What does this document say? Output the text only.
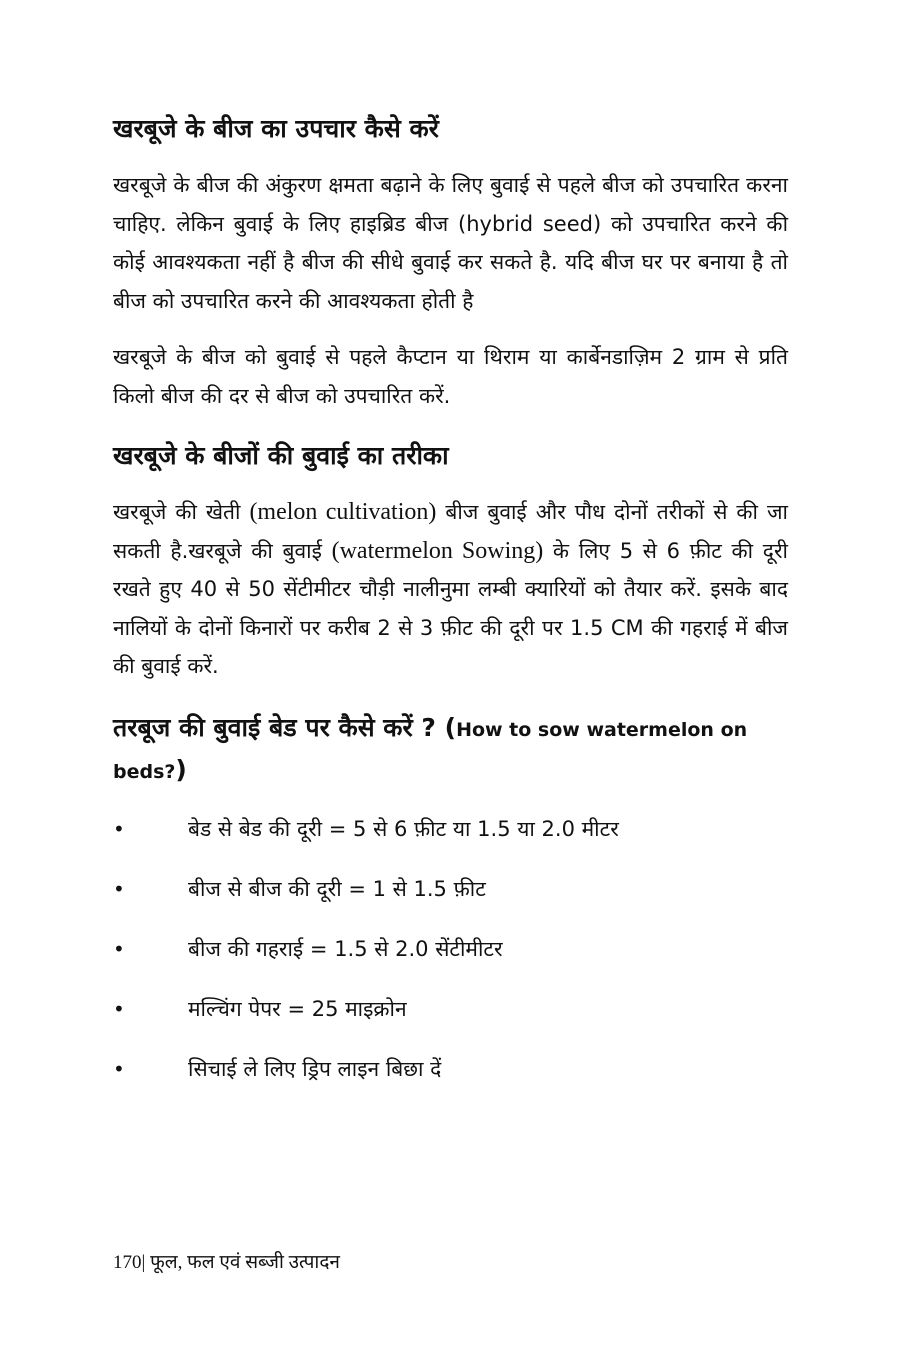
खरबूजे के बीज का उपचार कैसे करें

खरबूजे के बीज की अंकुरण क्षमता बढ़ाने के लिए बुवाई से पहले बीज को उपचारित करना चाहिए. लेकिन बुवाई के लिए हाइब्रिड बीज (hybrid seed) को उपचारित करने की कोई आवश्यकता नहीं है बीज की सीधे बुवाई कर सकते है. यदि बीज घर पर बनाया है तो बीज को उपचारित करने की आवश्यकता होती है

खरबूजे के बीज को बुवाई से पहले कैप्टान या थिराम या कार्बेनडाज़िम 2 ग्राम से प्रति किलो बीज की दर से बीज को उपचारित करें.

खरबूजे के बीजों की बुवाई का तरीका

खरबूजे की खेती (melon cultivation) बीज बुवाई और पौध दोनों तरीकों से की जा सकती है.खरबूजे की बुवाई (watermelon Sowing) के लिए 5 से 6 फ़ीट की दूरी रखते हुए 40 से 50 सेंटीमीटर चौड़ी नालीनुमा लम्बी क्यारियों को तैयार करें. इसके बाद नालियों के दोनों किनारों पर करीब 2 से 3 फ़ीट की दूरी पर 1.5 CM की गहराई में बीज की बुवाई करें.

तरबूज की बुवाई बेड पर कैसे करें ? (How to sow watermelon on beds?)
•	बेड से बेड की दूरी = 5 से 6 फ़ीट या 1.5 या 2.0 मीटर
•	बीज से बीज की दूरी = 1 से 1.5 फ़ीट
•	बीज की गहराई = 1.5 से 2.0 सेंटीमीटर
•	मल्चिंग पेपर = 25 माइक्रोन
•	सिचाई ले लिए ड्रिप लाइन बिछा दें
170| फूल, फल एवं सब्जी उत्पादन
